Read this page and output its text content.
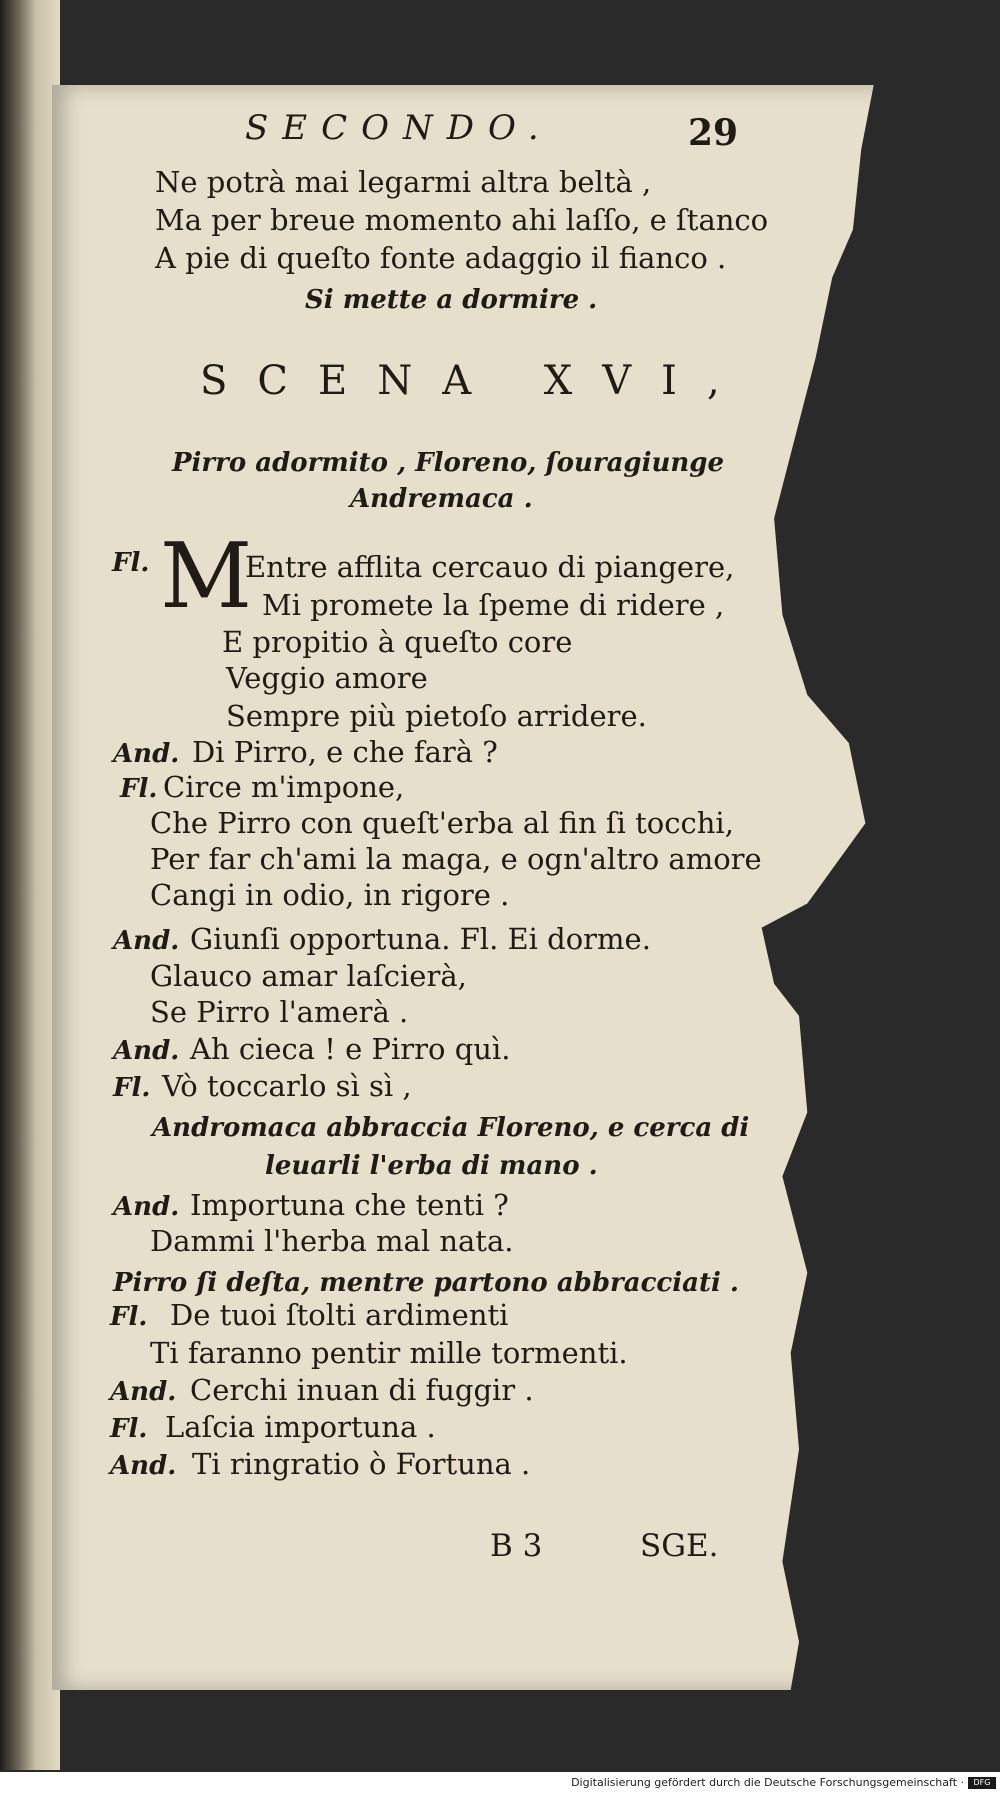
SECONDO.	29
Ne potrà mai legarmi altra beltà ,
Ma per breue momento ahi laſſo, e ſtanco
A pie di queſto fonte adaggio il fianco .
Si mette a dormire .
SCENA XVI,
Pirro adormito , Floreno, ſouragiunge
Andremaca .
Fl. M
Entre afflita cercauo di piangere,
Mi promete la ſpeme di ridere ,
E propitio à queſto core
Veggio amore
Sempre più pietoſo arridere.
And. Di Pirro, e che farà ?
Fl. Circe m'impone,
Che Pirro con queſt'erba al fin ſi tocchi,
Per far ch'ami la maga, e ogn'altro amore
Cangi in odio, in rigore .
And. Giunſi opportuna. Fl. Ei dorme.
Glauco amar laſcierà,
Se Pirro l'amerà .
And. Ah cieca ! e Pirro quì.
Fl. Vò toccarlo sì sì ,
Andromaca abbraccia Floreno, e cerca di
leuarli l'erba di mano .
And. Importuna che tenti ?
Dammi l'herba mal nata.
Pirro ſi deſta, mentre partono abbracciati .
Fl. De tuoi ſtolti ardimenti
Ti faranno pentir mille tormenti.
And. Cerchi inuan di fuggir .
Fl. Laſcia importuna .
And. Ti ringratio ò Fortuna .
B 3	SGE.
Digitalisierung gefördert durch die Deutsche Forschungsgemeinschaft ·	DFG
